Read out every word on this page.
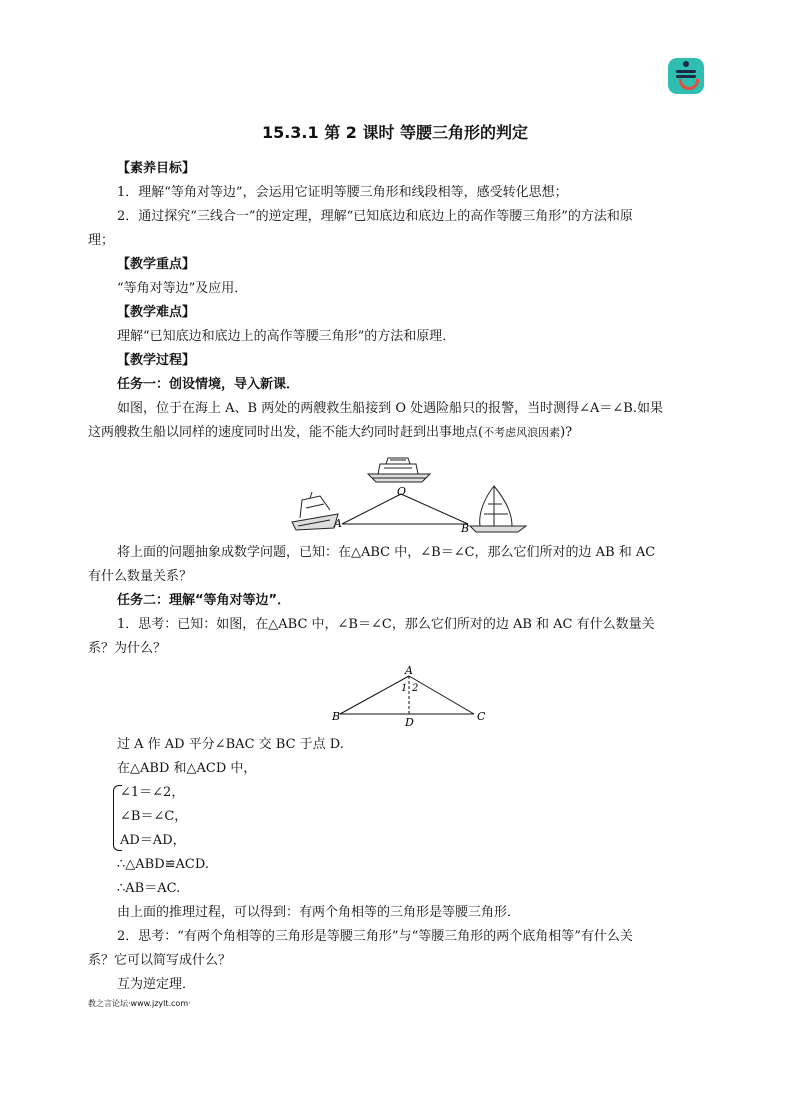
15.3.1 第 2 课时 等腰三角形的判定
【素养目标】
1．理解“等角对等边”，会运用它证明等腰三角形和线段相等，感受转化思想；
2．通过探究“三线合一”的逆定理，理解“已知底边和底边上的高作等腰三角形”的方法和原
理；
【教学重点】
“等角对等边”及应用．
【教学难点】
理解“已知底边和底边上的高作等腰三角形”的方法和原理．
【教学过程】
任务一：创设情境，导入新课．
如图，位于在海上 A、B 两处的两艘救生船接到 O 处遇险船只的报警，当时测得∠A＝∠B.如果
这两艘救生船以同样的速度同时出发，能不能大约同时赶到出事地点(不考虑风浪因素)?
O
A	B
将上面的问题抽象成数学问题，已知：在△ABC 中，∠B＝∠C，那么它们所对的边 AB 和 AC
有什么数量关系？
任务二：理解“等角对等边”．
1．思考：已知：如图，在△ABC 中，∠B＝∠C，那么它们所对的边 AB 和 AC 有什么数量关
系？为什么？
A
B	C
D
1 2
过 A 作 AD 平分∠BAC 交 BC 于点 D.
在△ABD 和△ACD 中，
∠1＝∠2，
∠B＝∠C，
AD＝AD，
∴△ABD≌ACD.
∴AB＝AC.
由上面的推理过程，可以得到：有两个角相等的三角形是等腰三角形．
2．思考：“有两个角相等的三角形是等腰三角形”与“等腰三角形的两个底角相等”有什么关
系？它可以简写成什么？
互为逆定理．
教之言论坛·www.jzylt.com·
